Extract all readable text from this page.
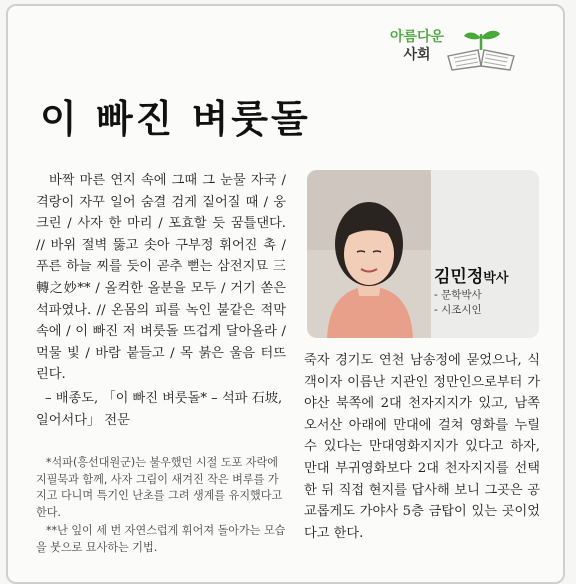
아름다운
사회
이 빠진 벼룻돌

바짝 마른 연지 속에 그때 그 눈물 자국 / 격랑이 자꾸 일어 숨결 검게 짙어질 때 / 웅크린 / 사자 한 마리 / 포효할 듯 꿈틀댄다. // 바위 절벽 뚫고 솟아 구부정 휘어진 촉 / 푸른 하늘 찌를 듯이 곧추 뻗는 삼전지묘 三轉之妙** / 올컥한 올분을 모두 / 거기 쏟은 석파였나. // 온몸의 피를 녹인 불같은 적막 속에 / 이 빠진 저 벼룻돌 뜨겁게 달아올라 / 먹물 빛 / 바람 붙들고 / 목 붉은 울음 터뜨린다.

– 배종도, 「이 빠진 벼룻돌* – 석파 石坡, 일어서다」 전문

*석파(흥선대원군)는 불우했던 시절 도포 자락에 지필묵과 함께, 사자 그림이 새겨진 작은 벼루를 가지고 다니며 특기인 난초를 그려 생계를 유지했다고 한다.

**난 잎이 세 번 자연스럽게 휘어져 돌아가는 모습을 붓으로 묘사하는 기법.

김민정박사
- 문학박사
- 시조시인

죽자 경기도 연천 남송정에 묻었으나, 식객이자 이름난 지관인 정만인으로부터 가야산 북쪽에 2대 천자지지가 있고, 남쪽 오서산 아래에 만대에 걸쳐 영화를 누릴 수 있다는 만대영화지지가 있다고 하자, 만대 부귀영화보다 2대 천자지지를 선택한 뒤 직접 현지를 답사해 보니 그곳은 공교롭게도 가야사 5층 금탑이 있는 곳이었다고 한다.
